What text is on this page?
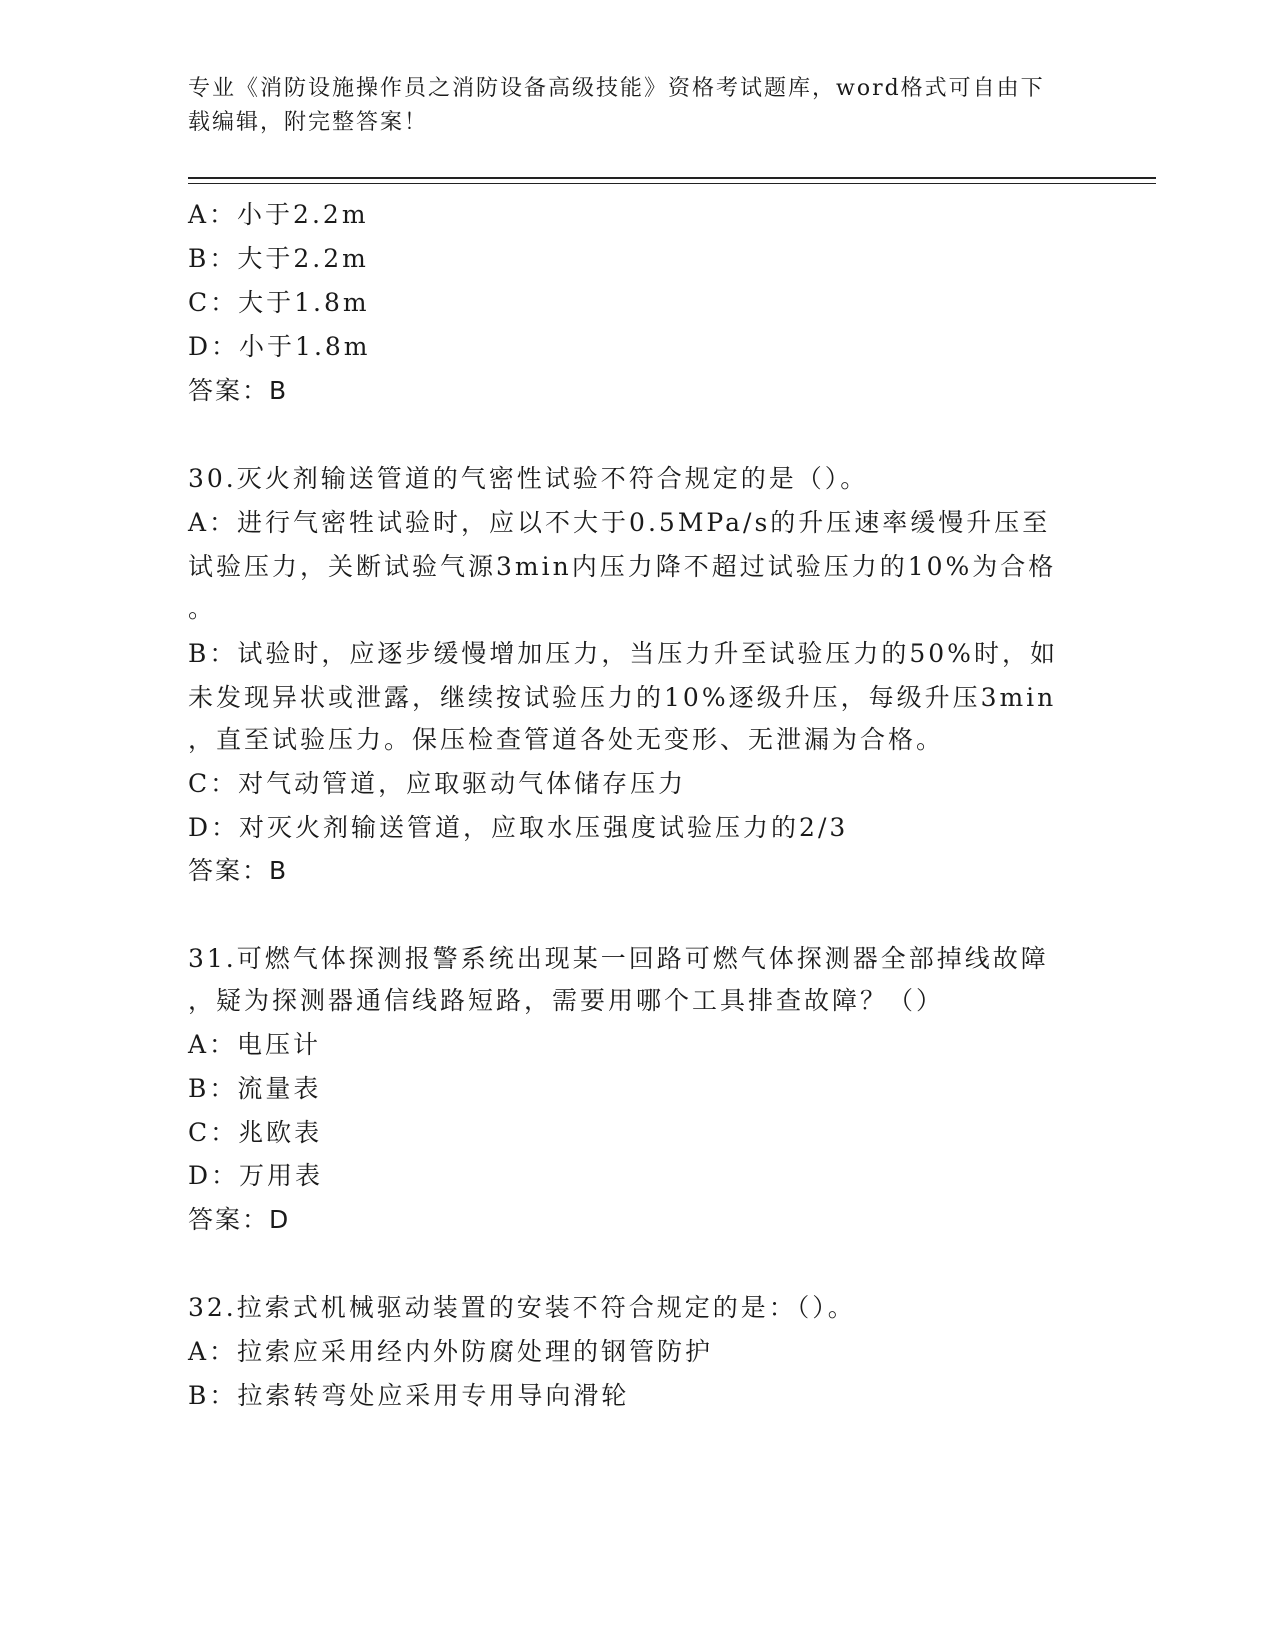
专业《消防设施操作员之消防设备高级技能》资格考试题库，word格式可自由下
载编辑，附完整答案！
A：小于2.2m
B：大于2.2m
C：大于1.8m
D：小于1.8m
答案：B
30.灭火剂输送管道的气密性试验不符合规定的是（）。
A：进行气密牲试验时，应以不大于0.5MPa/s的升压速率缓慢升压至
试验压力，关断试验气源3min内压力降不超过试验压力的10%为合格
。
B：试验时，应逐步缓慢增加压力，当压力升至试验压力的50%时，如
未发现异状或泄露，继续按试验压力的10%逐级升压，每级升压3min
，直至试验压力。保压检查管道各处无变形、无泄漏为合格。
C：对气动管道，应取驱动气体储存压力
D：对灭火剂输送管道，应取水压强度试验压力的2/3
答案：B
31.可燃气体探测报警系统出现某一回路可燃气体探测器全部掉线故障
，疑为探测器通信线路短路，需要用哪个工具排查故障？（）
A：电压计
B：流量表
C：兆欧表
D：万用表
答案：D
32.拉索式机械驱动装置的安装不符合规定的是：（）。
A：拉索应采用经内外防腐处理的钢管防护
B：拉索转弯处应采用专用导向滑轮
